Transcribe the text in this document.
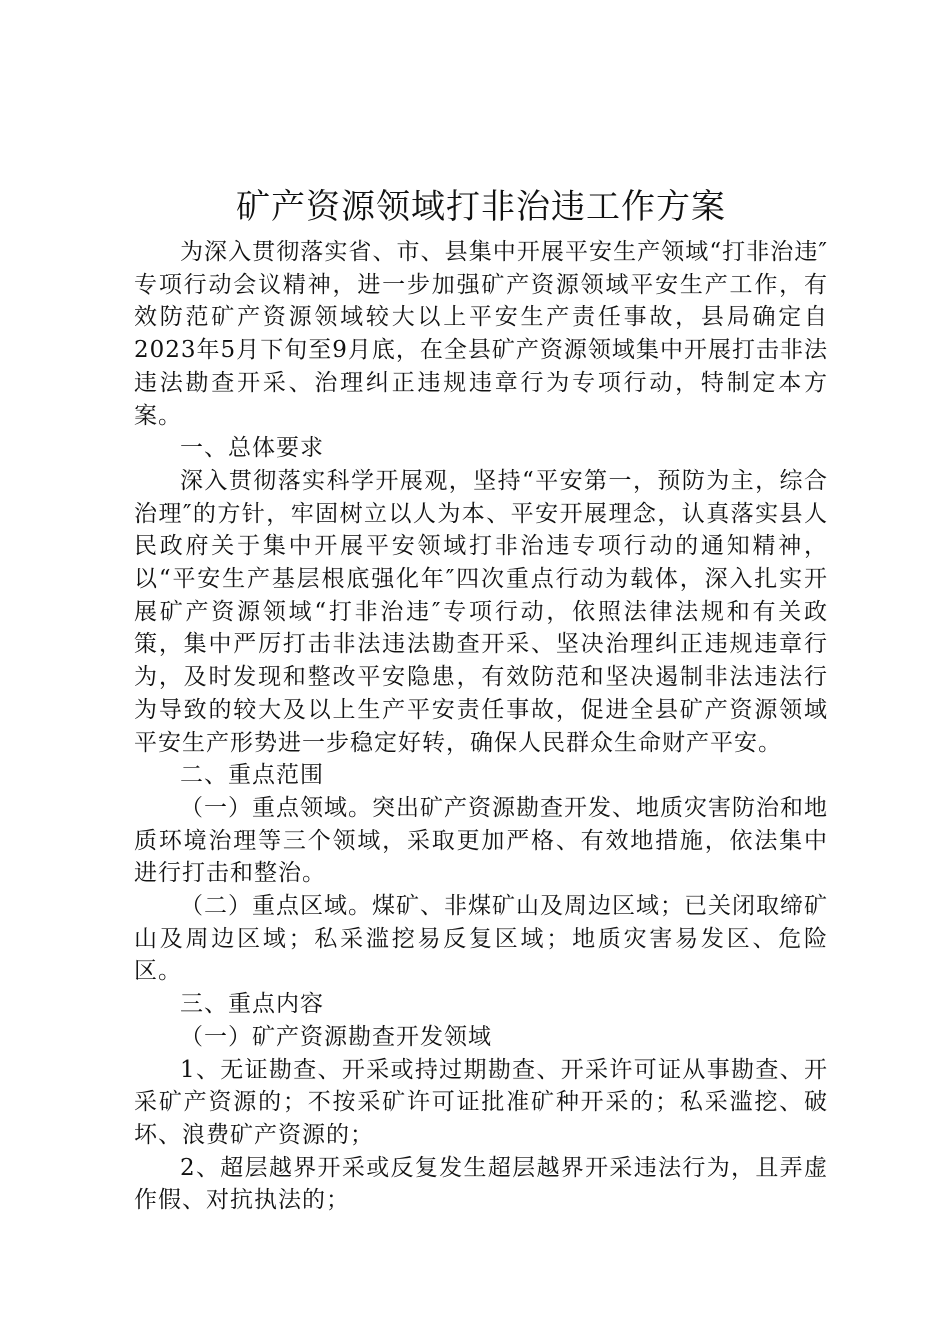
矿产资源领域打非治违工作方案

为深入贯彻落实省、市、县集中开展平安生产领域“打非治违″专项行动会议精神，进一步加强矿产资源领域平安生产工作，有效防范矿产资源领域较大以上平安生产责任事故，县局确定自2023年5月下旬至9月底，在全县矿产资源领域集中开展打击非法违法勘查开采、治理纠正违规违章行为专项行动，特制定本方案。

一、总体要求

深入贯彻落实科学开展观，坚持“平安第一，预防为主，综合治理″的方针，牢固树立以人为本、平安开展理念，认真落实县人民政府关于集中开展平安领域打非治违专项行动的通知精神，以“平安生产基层根底强化年″四次重点行动为载体，深入扎实开展矿产资源领域“打非治违″专项行动，依照法律法规和有关政策，集中严厉打击非法违法勘查开采、坚决治理纠正违规违章行为，及时发现和整改平安隐患，有效防范和坚决遏制非法违法行为导致的较大及以上生产平安责任事故，促进全县矿产资源领域平安生产形势进一步稳定好转，确保人民群众生命财产平安。

二、重点范围

（一）重点领域。突出矿产资源勘查开发、地质灾害防治和地质环境治理等三个领域，采取更加严格、有效地措施，依法集中进行打击和整治。

（二）重点区域。煤矿、非煤矿山及周边区域；已关闭取缔矿山及周边区域；私采滥挖易反复区域；地质灾害易发区、危险区。

三、重点内容

（一）矿产资源勘查开发领域

1、无证勘查、开采或持过期勘查、开采许可证从事勘查、开采矿产资源的；不按采矿许可证批准矿种开采的；私采滥挖、破坏、浪费矿产资源的；

2、超层越界开采或反复发生超层越界开采违法行为，且弄虚作假、对抗执法的；
